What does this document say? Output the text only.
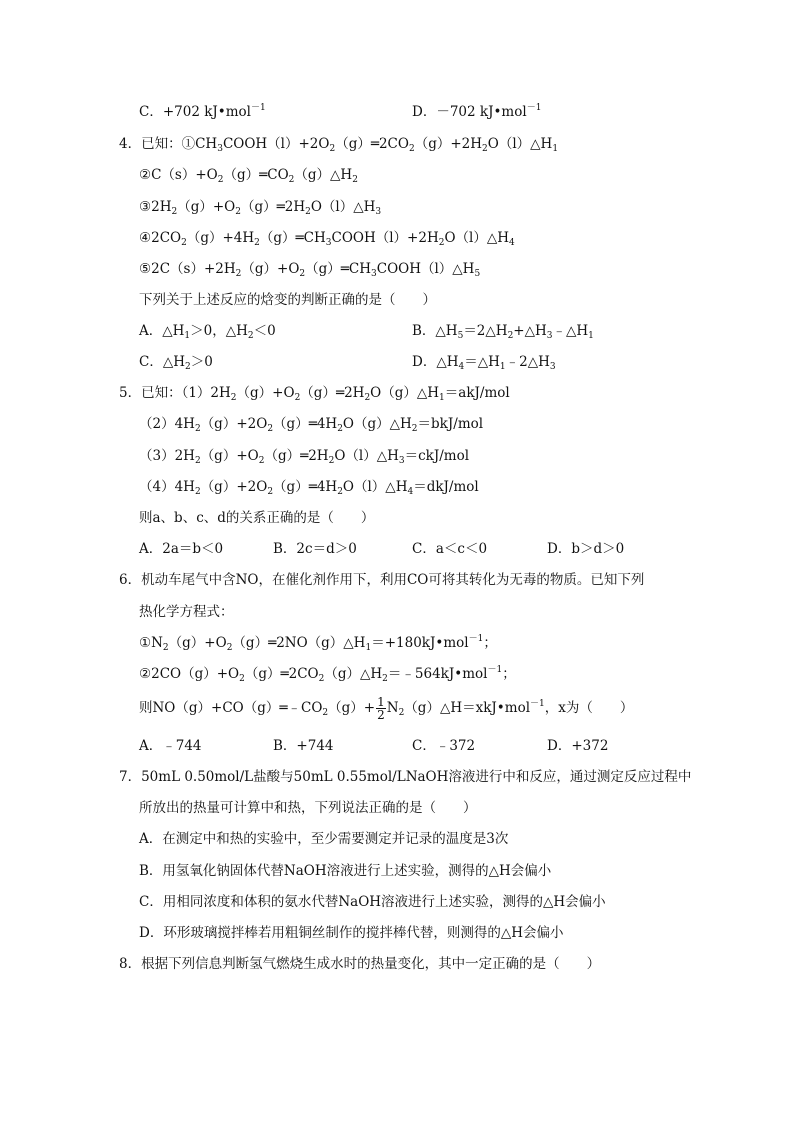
C．+702 kJ•mol$^{-1}$	D．－702 kJ•mol$^{-1}$
4．已知：$①CH_3COOH(l)+2O_2(g)═2CO_2(g)+2H_2O(l)\triangle H_1$
$②C(s)+O_2(g)═CO_2(g)\triangle H_2$
$③2H_2(g)+O_2(g)═2H_2O(l)\triangle H_3$
$④2CO_2(g)+4H_2(g)═CH_3COOH(l)+2H_2O(l)\triangle H_4$
$⑤2C(s)+2H_2(g)+O_2(g)═CH_3COOH(l)\triangle H_5$
下列关于上述反应的焓变的判断正确的是（　　）
A．$\triangle H_1>0$，$\triangle H_2<0$	B．$\triangle H_5=2\triangle H_2+\triangle H_3﹣\triangle H_1$
C．$\triangle H_2>0$	D．$\triangle H_4=\triangle H_1﹣2\triangle H_3$
5．已知：$(1)2H_2(g)+O_2(g)═2H_2O(g)\triangle H_1=akJ$/mol
$(2)4H_2(g)+2O_2(g)═4H_2O(g)\triangle H_2=bkJ$/mol
$(3)2H_2(g)+O_2(g)═2H_2O(l)\triangle H_3=ckJ$/mol
$(4)4H_2(g)+2O_2(g)═4H_2O(l)\triangle H_4=dkJ$/mol
则a、b、c、d的关系正确的是（　　）
A．2a＝b＜0	B．2c＝d＞0	C．a＜c＜0	D．b＞d＞0
6．机动车尾气中含NO，在催化剂作用下，利用CO可将其转化为无毒的物质。已知下列
热化学方程式：
$①N_2(g)+O_2(g)═2NO(g)\triangle H_1=+180kJ•mol^{-1}$；
$②2CO(g)+O_2(g)═2CO_2(g)\triangle H_2=﹣564kJ•mol^{-1}$；
则$NO(g)+CO(g)═﹣CO_2(g)+ \frac{1}{2}$ $N_2(g)\triangle H=xkJ•mol^{-1}$，x为（　　）
A．﹣744	B．+744	C．﹣372	D．+372
7．50mL 0.50mol/L盐酸与50mL 0.55mol/LNaOH溶液进行中和反应，通过测定反应过程中
所放出的热量可计算中和热，下列说法正确的是（　　）
A．在测定中和热的实验中，至少需要测定并记录的温度是3次
B．用氢氧化钠固体代替NaOH溶液进行上述实验，测得的△H会偏小
C．用相同浓度和体积的氨水代替NaOH溶液进行上述实验，测得的△H会偏小
D．环形玻璃搅拌棒若用粗铜丝制作的搅拌棒代替，则测得的△H会偏小
8．根据下列信息判断氢气燃烧生成水时的热量变化，其中一定正确的是（　　）
